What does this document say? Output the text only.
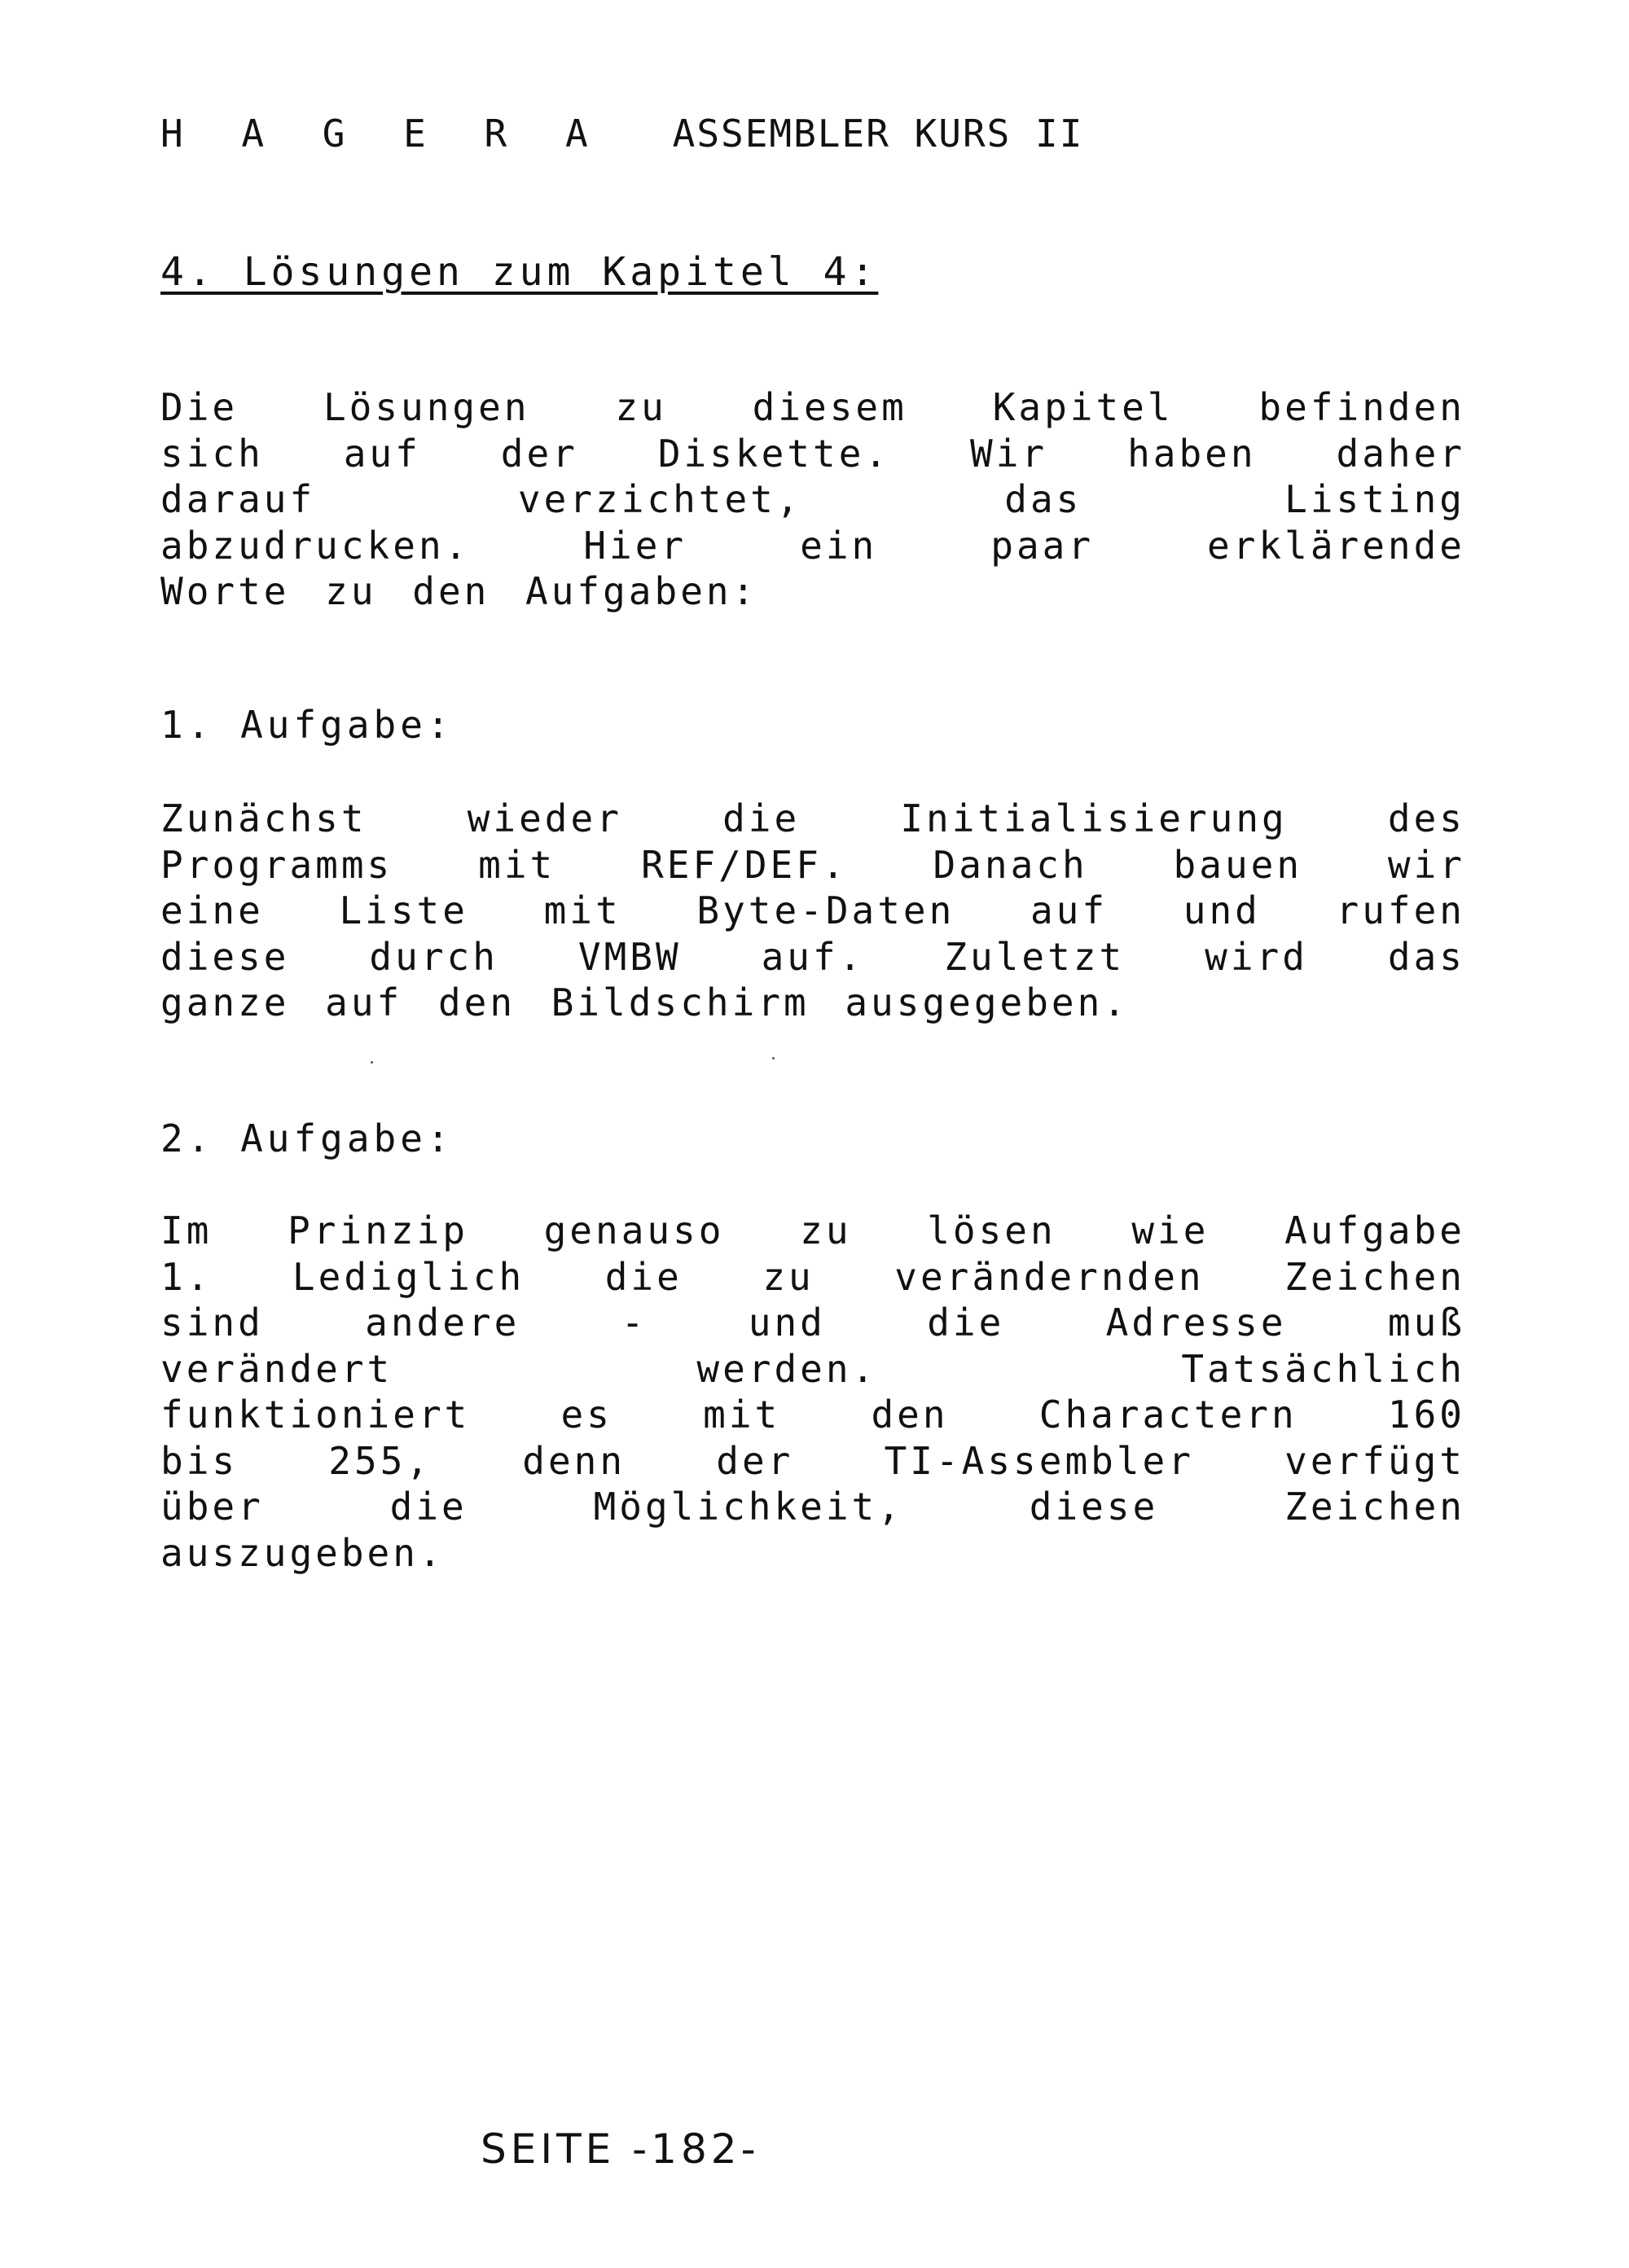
H A G E R A ASSEMBLER KURS II
4. Lösungen zum Kapitel 4:

Die Lösungen zu diesem Kapitel befinden
sich auf der Diskette. Wir haben daher
darauf verzichtet, das Listing
abzudrucken. Hier ein paar erklärende
Worte zu den Aufgaben:

1. Aufgabe:

Zunächst wieder die Initialisierung des
Programms mit REF/DEF. Danach bauen wir
eine Liste mit Byte-Daten auf und rufen
diese durch VMBW auf. Zuletzt wird das
ganze auf den Bildschirm ausgegeben.

2. Aufgabe:

Im Prinzip genauso zu lösen wie Aufgabe
1. Lediglich die zu verändernden Zeichen
sind andere - und die Adresse muß
verändert werden. Tatsächlich
funktioniert es mit den Charactern 160
bis 255, denn der TI-Assembler verfügt
über die Möglichkeit, diese Zeichen
auszugeben.

SEITE -182-
